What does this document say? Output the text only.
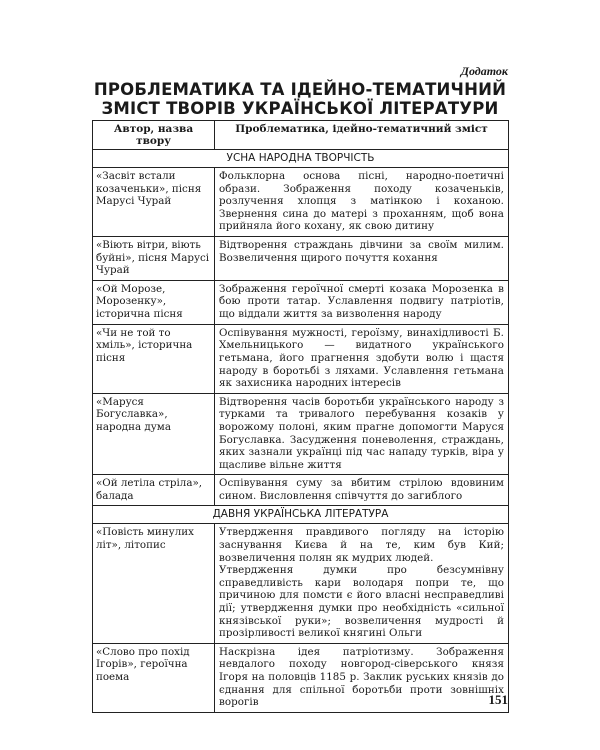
Додаток
ПРОБЛЕМАТИКА ТА ІДЕЙНО-ТЕМАТИЧНИЙ
ЗМІСТ ТВОРІВ УКРАЇНСЬКОЇ ЛІТЕРАТУРИ
Автор, назва твору	Проблематика, ідейно-тематичний зміст
УСНА НАРОДНА ТВОРЧІСТЬ	
«Засвіт встали козаченьки», пісня Марусі Чурай	Фольклорна основа пісні, народно-поетичні образи. Зображення походу козаченьків, розлучення хлопця з матінкою і коханою. Звернення сина до матері з проханням, щоб вона прийняла його кохану, як свою дитину

«Віють вітри, віють буйні», пісня Марусі Чурай	Відтворення страждань дівчини за своїм милим. Возвеличення щирого почуття кохання

«Ой Морозе, Морозенку», історична пісня	Зображення героїчної смерті козака Морозенка в бою проти татар. Уславлення подвигу патріотів, що віддали життя за визволення народу

«Чи не той то хміль», історична пісня	Оспівування мужності, героїзму, винахідливості Б. Хмельницького — видатного українського гетьмана, його прагнення здобути волю і щастя народу в боротьбі з ляхами. Уславлення гетьмана як захисника народних інтересів

«Маруся Богуславка», народна дума	Відтворення часів боротьби українського народу з турками та тривалого перебування козаків у ворожому полоні, яким прагне допомогти Маруся Богуславка. Засудження поневолення, страждань, яких зазнали українці під час нападу турків, віра у щасливе вільне життя

«Ой летіла стріла», балада	Оспівування суму за вбитим стрілою вдовиним сином. Висловлення співчуття до загиблого

ДАВНЯ УКРАЇНСЬКА ЛІТЕРАТУРА	
«Повість минулих літ», літопис	Утвердження правдивого погляду на історію заснування Києва й на те, ким був Кий; возвеличення полян як мудрих людей.
Утвердження думки про безсумнівну справедливість кари володаря попри те, що причиною для помсти є його власні несправедливі дії; утвердження думки про необхідність «сильної князівської руки»; возвеличення мудрості й прозірливості великої княгині Ольги

«Слово про похід Ігорів», героїчна поема	Наскрізна ідея патріотизму. Зображення невдалого походу новгород-сіверського князя Ігоря на половців 1185 р. Заклик руських князів до єднання для спільної боротьби проти зовнішніх ворогів	151
